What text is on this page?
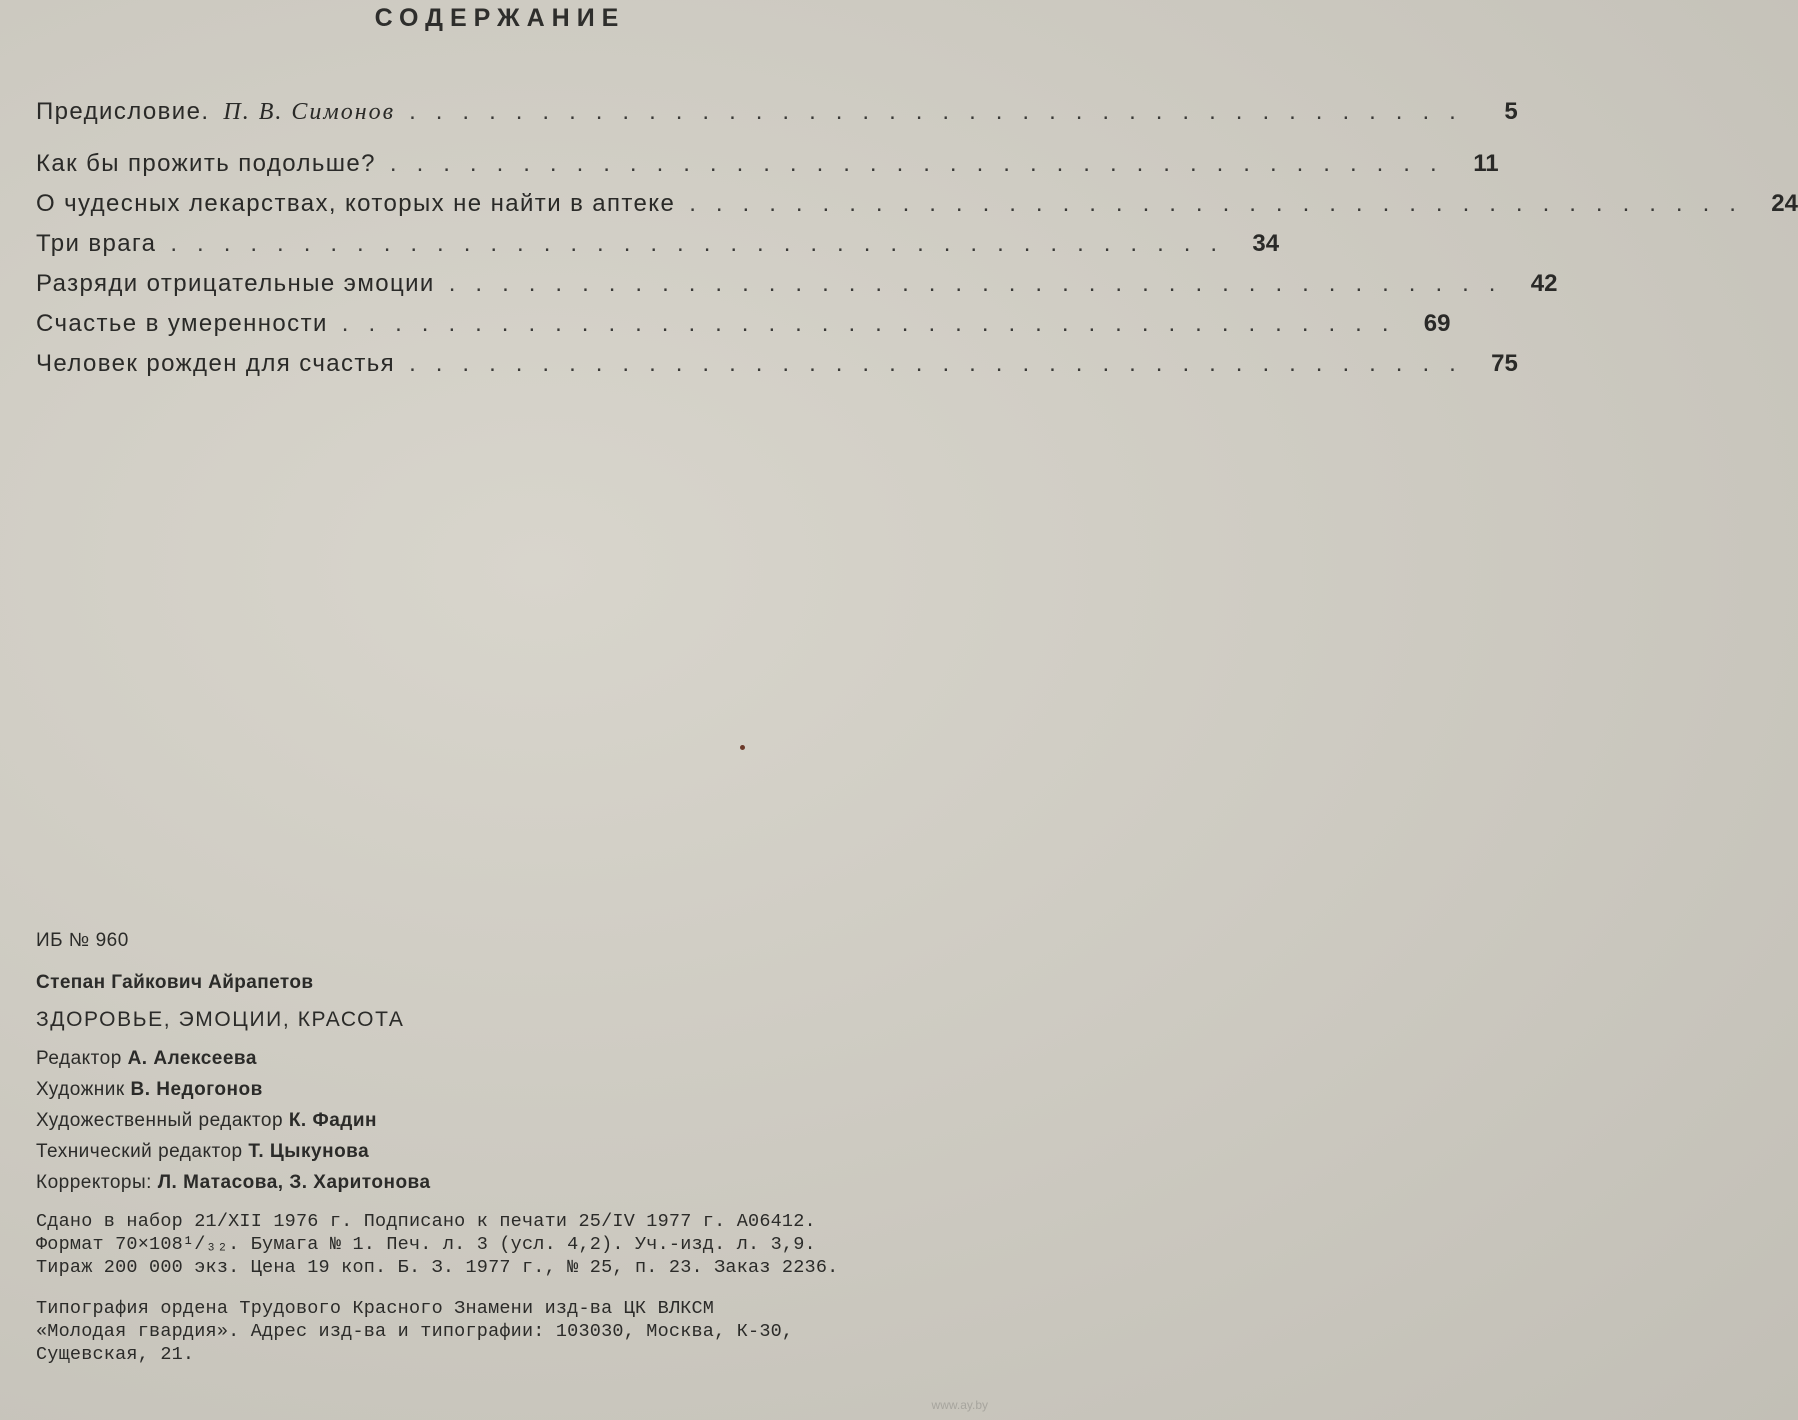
СОДЕРЖАНИЕ
Предисловие. П. В. Симонов ........................................	5
Как бы прожить подольше? ........................................ 11
О чудесных лекарствах, которых не найти в аптеке ........................................ 24
Три врага ........................................ 34
Разряди отрицательные эмоции ........................................ 42
Счастье в умеренности ........................................ 69
Человек рожден для счастья ........................................ 75
ИБ № 960
Степан Гайкович Айрапетов
ЗДОРОВЬЕ, ЭМОЦИИ, КРАСОТА
Редактор А. Алексеева
Художник В. Недогонов
Художественный редактор К. Фадин
Технический редактор Т. Цыкунова
Корректоры: Л. Матасова, З. Харитонова
Сдано в набор 21/XII 1976 г. Подписано к печати 25/IV 1977 г. А06412.
Формат 70×108¹/₃₂. Бумага № 1. Печ. л. 3 (усл. 4,2). Уч.-изд. л. 3,9.
Тираж 200 000 экз. Цена 19 коп. Б. З. 1977 г., № 25, п. 23. Заказ 2236.
Типография ордена Трудового Красного Знамени изд-ва ЦК ВЛКСМ
«Молодая гвардия». Адрес изд-ва и типографии: 103030, Москва, К-30,
Сущевская, 21.
www.ay.by
